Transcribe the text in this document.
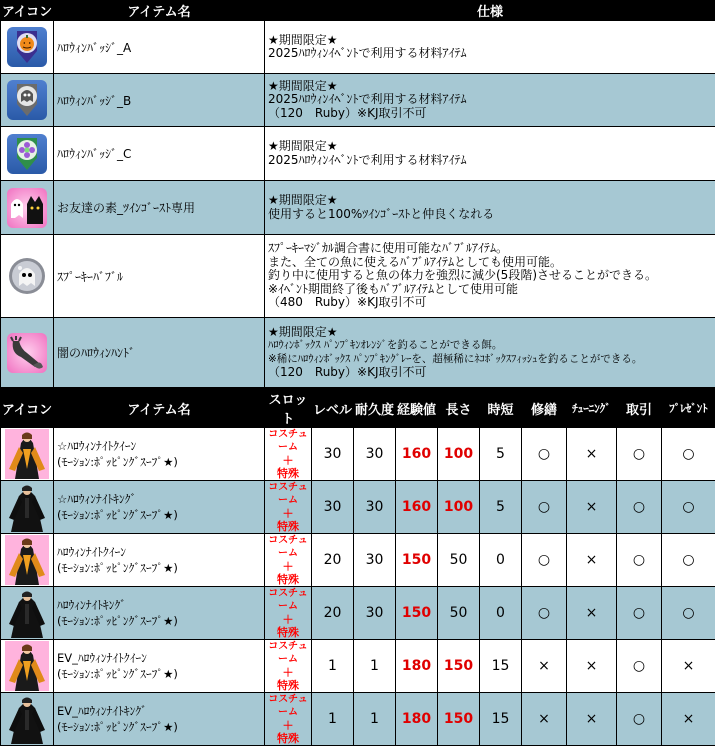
アイコン	アイテム名	仕様

	ﾊﾛｳｨﾝﾊﾞｯｼﾞ_A	★期間限定★
2025ﾊﾛｳｨﾝｲﾍﾞﾝﾄで利用する材料ｱｲﾃﾑ

	ﾊﾛｳｨﾝﾊﾞｯｼﾞ_B	★期間限定★
2025ﾊﾛｳｨﾝｲﾍﾞﾝﾄで利用する材料ｱｲﾃﾑ
（120　Ruby）※KJ取引不可

	ﾊﾛｳｨﾝﾊﾞｯｼﾞ_C	★期間限定★
2025ﾊﾛｳｨﾝｲﾍﾞﾝﾄで利用する材料ｱｲﾃﾑ

	お友達の素_ﾂｲﾝｺﾞｰｽﾄ専用	★期間限定★
使用すると100%ﾂｲﾝｺﾞｰｽﾄと仲良くなれる

	ｽﾌﾟｰｷｰﾊﾞﾌﾞﾙ	ｽﾌﾟｰｷｰﾏｼﾞｶﾙ調合書に使用可能なﾊﾞﾌﾞﾙｱｲﾃﾑ。
また、全ての魚に使えるﾊﾞﾌﾞﾙｱｲﾃﾑとしても使用可能。
釣り中に使用すると魚の体力を強烈に減少(5段階)させることができる。
※ｲﾍﾞﾝﾄ期間終了後もﾊﾞﾌﾞﾙｱｲﾃﾑとして使用可能
（480　Ruby）※KJ取引不可

	闇のﾊﾛｳｨﾝﾊﾝﾄﾞ	★期間限定★
ﾊﾛｳｨﾝﾎﾞｯｸｽ ﾊﾟﾝﾌﾟｷﾝｵﾚﾝｼﾞを釣ることができる餌。
※稀にﾊﾛｳｨﾝﾎﾞｯｸｽ ﾊﾟﾝﾌﾟｷﾝｸﾞﾚｰを、超極稀にﾈｺﾎﾞｯｸｽﾌｨｯｼｭを釣ることができる。
（120　Ruby）※KJ取引不可
アイコン	アイテム名	スロット	レベル	耐久度	経験値	長さ	時短	修繕	ﾁｭｰﾆﾝｸﾞ	取引	ﾌﾟﾚｾﾞﾝﾄ

☆ﾊﾛｳｨﾝﾅｲﾄｸｲｰﾝ
(ﾓｰｼｮﾝ:ﾎﾟｯﾋﾟﾝｸﾞｽｰﾌﾟ★)	コスチューム
＋
特殊	30	30	160	100	5	○	×	○	○

☆ﾊﾛｳｨﾝﾅｲﾄｷﾝｸﾞ
(ﾓｰｼｮﾝ:ﾎﾟｯﾋﾟﾝｸﾞｽｰﾌﾟ★)	コスチューム
＋
特殊	30	30	160	100	5	○	×	○	○

ﾊﾛｳｨﾝﾅｲﾄｸｲｰﾝ
(ﾓｰｼｮﾝ:ﾎﾟｯﾋﾟﾝｸﾞｽｰﾌﾟ★)	コスチューム
＋
特殊	20	30	150	50	0	○	×	○	○

ﾊﾛｳｨﾝﾅｲﾄｷﾝｸﾞ
(ﾓｰｼｮﾝ:ﾎﾟｯﾋﾟﾝｸﾞｽｰﾌﾟ★)	コスチューム
＋
特殊	20	30	150	50	0	○	×	○	○

EV_ﾊﾛｳｨﾝﾅｲﾄｸｲｰﾝ
(ﾓｰｼｮﾝ:ﾎﾟｯﾋﾟﾝｸﾞｽｰﾌﾟ★)	コスチューム
＋
特殊	1	1	180	150	15	×	×	○	×

EV_ﾊﾛｳｨﾝﾅｲﾄｷﾝｸﾞ
(ﾓｰｼｮﾝ:ﾎﾟｯﾋﾟﾝｸﾞｽｰﾌﾟ★)	コスチューム
＋
特殊	1	1	180	150	15	×	×	○	×
